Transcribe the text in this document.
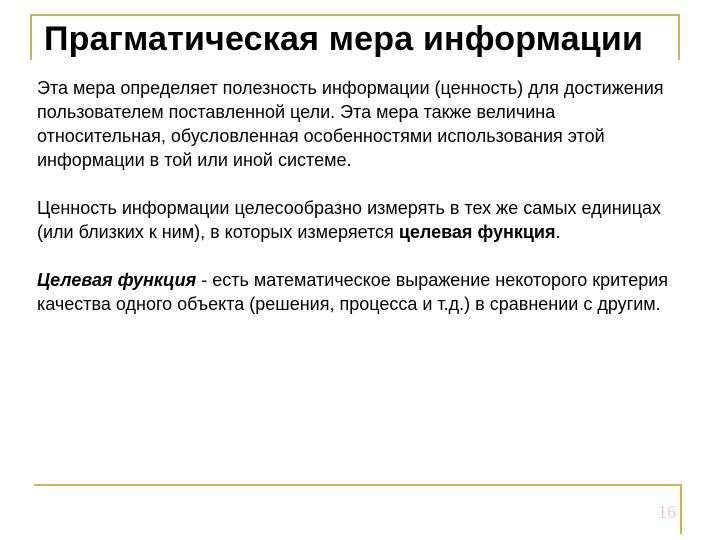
Прагматическая мера информации

Эта мера определяет полезность информации (ценность) для достижения пользователем поставленной цели. Эта мера также величина относительная, обусловленная особенностями использования этой информации в той или иной системе.

Ценность информации целесообразно измерять в тех же самых единицах (или близких к ним), в которых измеряется целевая функция.

Целевая функция - есть математическое выражение некоторого критерия качества одного объекта (решения, процесса и т.д.) в сравнении с другим.

16
